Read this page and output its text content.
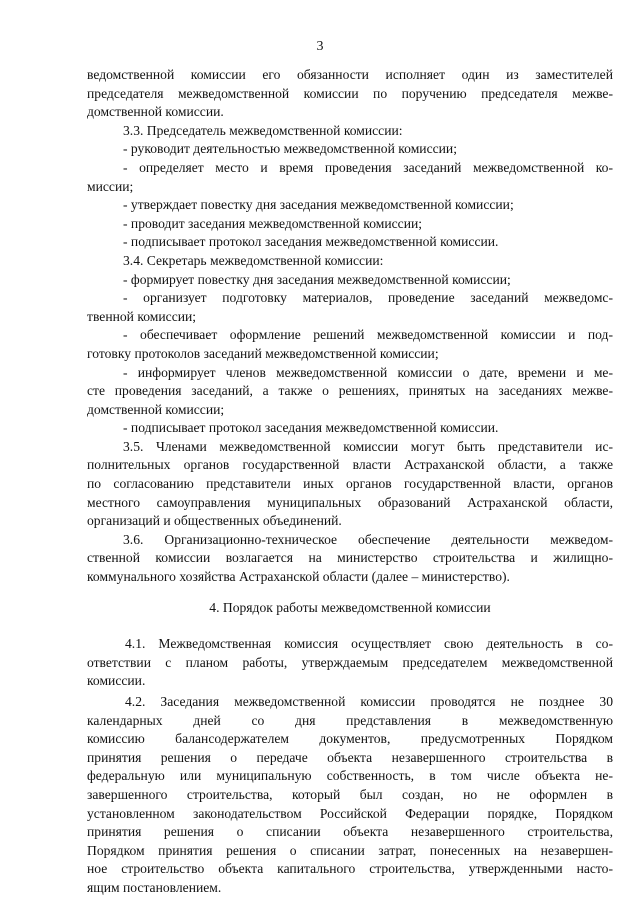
3
ведомственной комиссии его обязанности исполняет один из заместителей
председателя межведомственной комиссии по поручению председателя межве-
домственной комиссии.
3.3. Председатель межведомственной комиссии:
- руководит деятельностью межведомственной комиссии;
- определяет место и время проведения заседаний межведомственной ко-
миссии;
- утверждает повестку дня заседания межведомственной комиссии;
- проводит заседания межведомственной комиссии;
- подписывает протокол заседания межведомственной комиссии.
3.4. Секретарь межведомственной комиссии:
- формирует повестку дня заседания межведомственной комиссии;
- организует подготовку материалов, проведение заседаний межведомс-
твенной комиссии;
- обеспечивает оформление решений межведомственной комиссии и под-
готовку протоколов заседаний межведомственной комиссии;
- информирует членов межведомственной комиссии о дате, времени и ме-
сте проведения заседаний, а также о решениях, принятых на заседаниях межве-
домственной комиссии;
- подписывает протокол заседания межведомственной комиссии.
3.5. Членами межведомственной комиссии могут быть представители ис-
полнительных органов государственной власти Астраханской области, а также
по согласованию представители иных органов государственной власти, органов
местного самоуправления муниципальных образований Астраханской области,
организаций и общественных объединений.
3.6. Организационно-техническое обеспечение деятельности межведом-
ственной комиссии возлагается на министерство строительства и жилищно-
коммунального хозяйства Астраханской области (далее – министерство).
4. Порядок работы межведомственной комиссии
4.1. Межведомственная комиссия осуществляет свою деятельность в со-
ответствии с планом работы, утверждаемым председателем межведомственной
комиссии.
4.2. Заседания межведомственной комиссии проводятся не позднее 30
календарных дней со дня представления в межведомственную
комиссию балансодержателем документов, предусмотренных Порядком
принятия решения о передаче объекта незавершенного строительства в
федеральную или муниципальную собственность, в том числе объекта не-
завершенного строительства, который был создан, но не оформлен в
установленном законодательством Российской Федерации порядке, Порядком
принятия решения о списании объекта незавершенного строительства,
Порядком принятия решения о списании затрат, понесенных на незавершен-
ное строительство объекта капитального строительства, утвержденными насто-
ящим постановлением.
